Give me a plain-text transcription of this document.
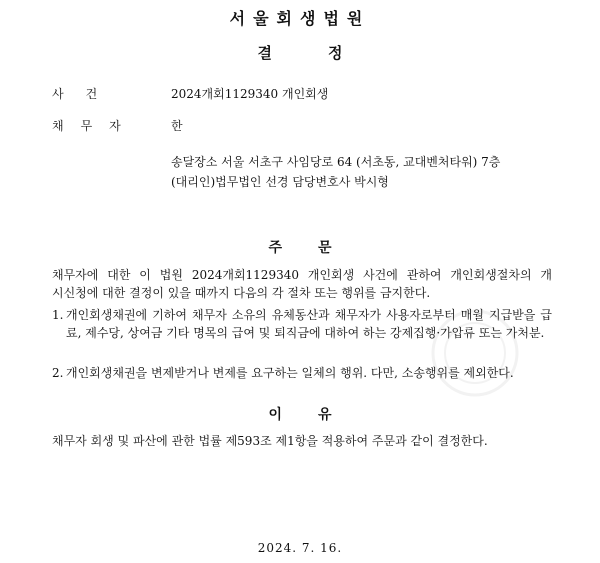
서울회생법원
결정
사건	2024개회1129340 개인회생
채무자	한
송달장소 서울 서초구 사임당로 64 (서초동, 교대벤처타워) 7층
(대리인)법무법인 선경 담당변호사 박시형
주문
채무자에 대한 이 법원 2024개회1129340 개인회생 사건에 관하여 개인회생절차의 개
시신청에 대한 결정이 있을 때까지 다음의 각 절차 또는 행위를 금지한다.
1. 개인회생채권에 기하여 채무자 소유의 유체동산과 채무자가 사용자로부터 매월 지급받을 급료, 제수당, 상여금 기타 명목의 급여 및 퇴직금에 대하여 하는 강제집행·가압류 또는 가처분.
2. 개인회생채권을 변제받거나 변제를 요구하는 일체의 행위. 다만, 소송행위를 제외한다.
이유
채무자 회생 및 파산에 관한 법률 제593조 제1항을 적용하여 주문과 같이 결정한다.
2024. 7. 16.
